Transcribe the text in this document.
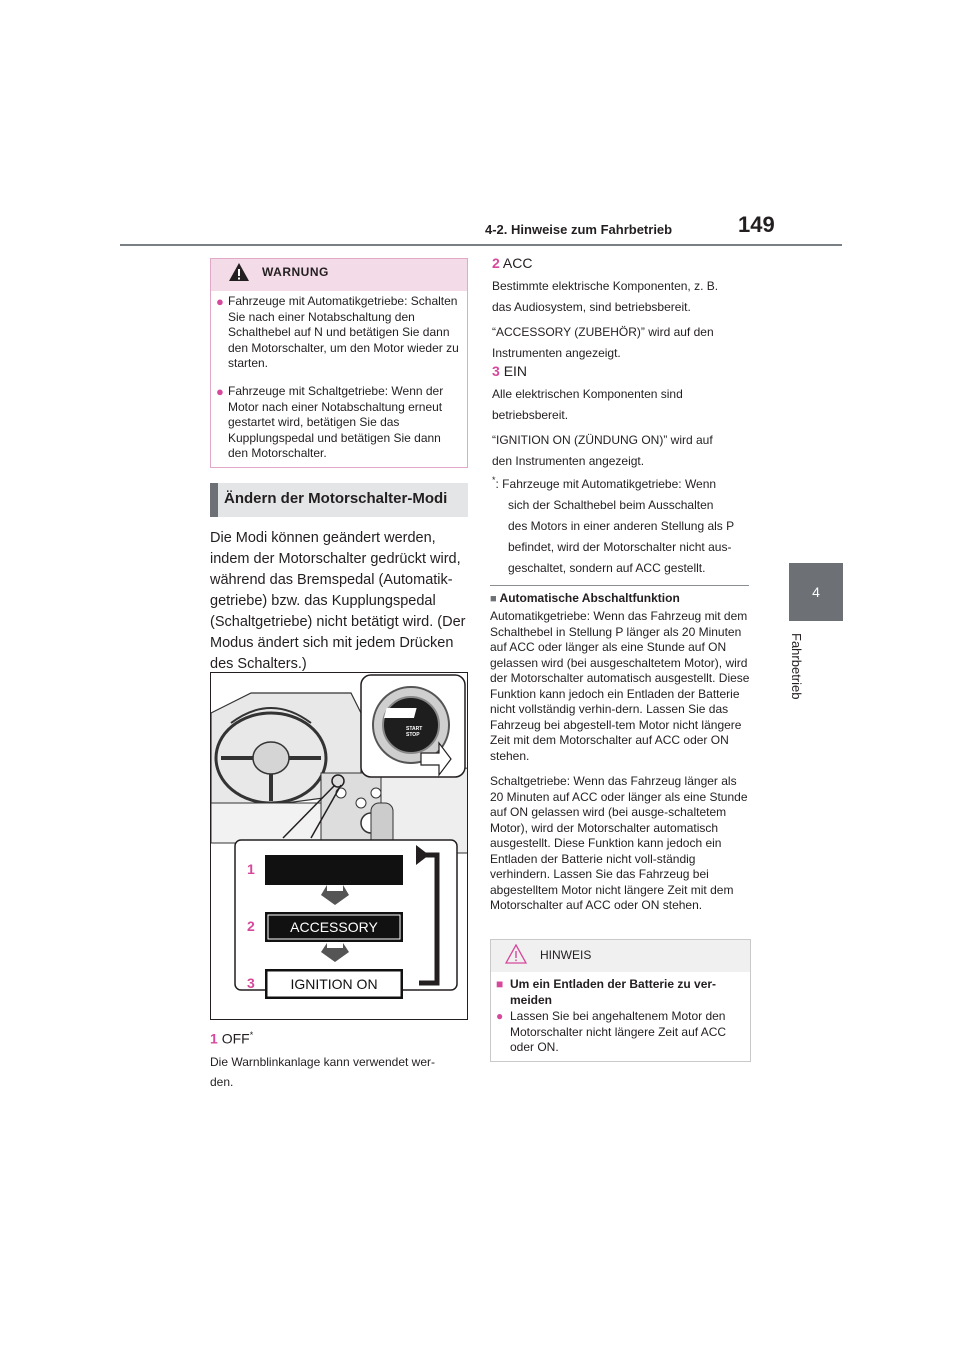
4-2. Hinweise zum Fahrbetrieb	149
4
Fahrbetrieb
WARNUNG
● Fahrzeuge mit Automatikgetriebe: Schalten Sie nach einer Notabschaltung den Schalthebel auf N und betätigen Sie dann den Motorschalter, um den Motor wieder zu starten.
● Fahrzeuge mit Schaltgetriebe: Wenn der Motor nach einer Notabschaltung erneut gestartet wird, betätigen Sie das Kupplungspedal und betätigen Sie dann den Motorschalter.
Ändern der Motorschalter-Modi
Die Modi können geändert werden, indem der Motorschalter gedrückt wird, während das Bremspedal (Automatik-getriebe) bzw. das Kupplungspedal (Schaltgetriebe) nicht betätigt wird. (Der Modus ändert sich mit jedem Drücken des Schalters.)
START
STOP
1
2
3
ACCESSORY
IGNITION ON
1 OFF*
Die Warnblinkanlage kann verwendet wer-
den.
2 ACC
Bestimmte elektrische Komponenten, z. B.
das Audiosystem, sind betriebsbereit.
“ACCESSORY (ZUBEHÖR)” wird auf den
Instrumenten angezeigt.
3 EIN
Alle elektrischen Komponenten sind
betriebsbereit.
“IGNITION ON (ZÜNDUNG ON)” wird auf
den Instrumenten angezeigt.
*: Fahrzeuge mit Automatikgetriebe: Wenn
sich der Schalthebel beim Ausschalten
des Motors in einer anderen Stellung als P
befindet, wird der Motorschalter nicht aus-
geschaltet, sondern auf ACC gestellt.
■ Automatische Abschaltfunktion
Automatikgetriebe: Wenn das Fahrzeug mit dem Schalthebel in Stellung P länger als 20 Minuten auf ACC oder länger als eine Stunde auf ON gelassen wird (bei ausgeschaltetem Motor), wird der Motorschalter automatisch ausgestellt. Diese Funktion kann jedoch ein Entladen der Batterie nicht vollständig verhin-dern. Lassen Sie das Fahrzeug bei abgestell-tem Motor nicht längere Zeit mit dem Motorschalter auf ACC oder ON stehen.
Schaltgetriebe: Wenn das Fahrzeug länger als 20 Minuten auf ACC oder länger als eine Stunde auf ON gelassen wird (bei ausge-schaltetem Motor), wird der Motorschalter automatisch ausgestellt. Diese Funktion kann jedoch ein Entladen der Batterie nicht voll-ständig verhindern. Lassen Sie das Fahrzeug bei abgestelltem Motor nicht längere Zeit mit dem Motorschalter auf ACC oder ON stehen.
HINWEIS
■ Um ein Entladen der Batterie zu ver-meiden
● Lassen Sie bei angehaltenem Motor den Motorschalter nicht längere Zeit auf ACC oder ON.
